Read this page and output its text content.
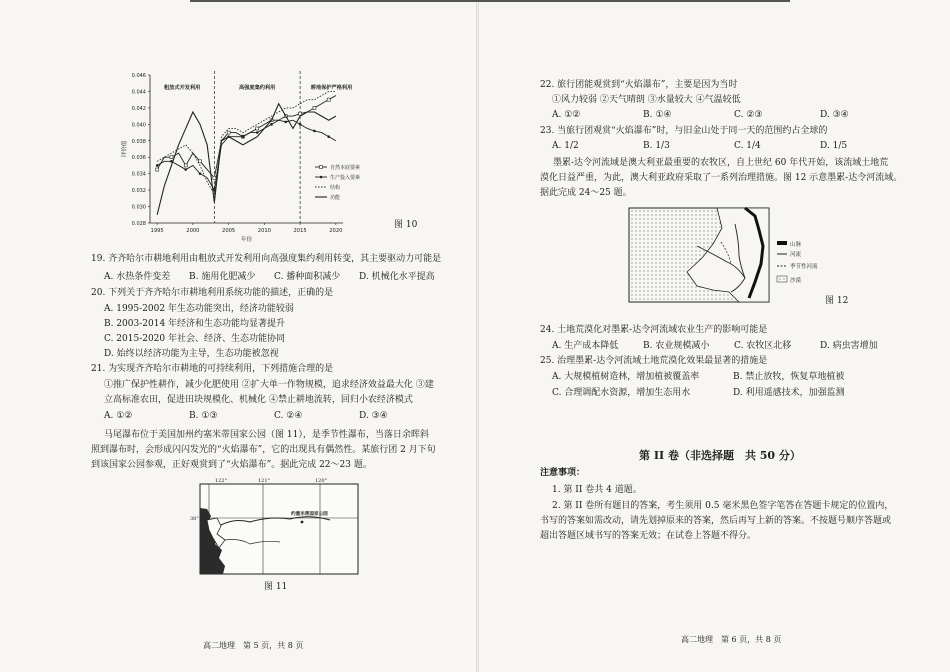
0.046
0.044
0.042
0.040
0.038
0.036
0.034
0.032
0.030
0.028
1995	2000	2005	2010	2015	2020
年份
评价值
粗放式开发利用	高强度集约利用	耕地保护严格利用
自然本底要素
生产投入要素
结构
功能
图 10
19. 齐齐哈尔市耕地利用由粗放式开发利用向高强度集约利用转变，其主要驱动力可能是
A. 水热条件变差 B. 施用化肥减少 C. 播种面积减少 D. 机械化水平提高
20. 下列关于齐齐哈尔市耕地利用系统功能的描述，正确的是
A. 1995-2002 年生态功能突出，经济功能较弱
B. 2003-2014 年经济和生态功能均显著提升
C. 2015-2020 年社会、经济、生态功能协同
D. 始终以经济功能为主导，生态功能被忽视
21. 为实现齐齐哈尔市耕地的可持续利用，下列措施合理的是
①推广保护性耕作，减少化肥使用 ②扩大单一作物规模，追求经济效益最大化 ③建
立高标准农田，促进田块规模化、机械化 ④禁止耕地流转，回归小农经济模式
A. ①②	B. ①③	C. ②④	D. ③④
马尾瀑布位于美国加州约塞米蒂国家公园（图 11），是季节性瀑布，当落日余晖斜
照到瀑布时，会形成闪闪发光的“火焰瀑布”，它的出现具有偶然性。某旅行团 2 月下旬
到该国家公园参观，正好观赏到了“火焰瀑布”。据此完成 22～23 题。
122°	121°	120°
38°
约塞米蒂国家公园
图 11
高二地理　第 5 页，共 8 页
22. 旅行团能观赏到“火焰瀑布”，主要是因为当时
①风力较弱 ②天气晴朗 ③水量较大 ④气温较低
A. ①②	B. ①④	C. ②③	D. ③④
23. 当旅行团观赏“火焰瀑布”时，与旧金山处于同一天的范围约占全球的
A. 1/2	B. 1/3	C. 1/4	D. 1/5
墨累-达令河流域是澳大利亚最重要的农牧区，自上世纪 60 年代开始，该流域土地荒
漠化日益严重，为此，澳大利亚政府采取了一系列治理措施。图 12 示意墨累-达令河流域。
据此完成 24～25 题。
山脉
河流
季节性河流
沙漠
图 12
24. 土地荒漠化对墨累-达令河流域农业生产的影响可能是
A. 生产成本降低	B. 农业规模减小	C. 农牧区北移	D. 病虫害增加
25. 治理墨累-达令河流域土地荒漠化效果最显著的措施是
A. 大规模植树造林，增加植被覆盖率	B. 禁止放牧，恢复草地植被
C. 合理调配水资源，增加生态用水	D. 利用遥感技术，加强监测
第 II 卷（非选择题　共 50 分）
注意事项：
1. 第 II 卷共 4 道题。
2. 第 II 卷所有题目的答案，考生须用 0.5 毫米黑色签字笔答在答题卡规定的位置内，
书写的答案如需改动，请先划掉原来的答案，然后再写上新的答案。不按题号顺序答题或
超出答题区域书写的答案无效；在试卷上答题不得分。
高二地理　第 6 页，共 8 页
